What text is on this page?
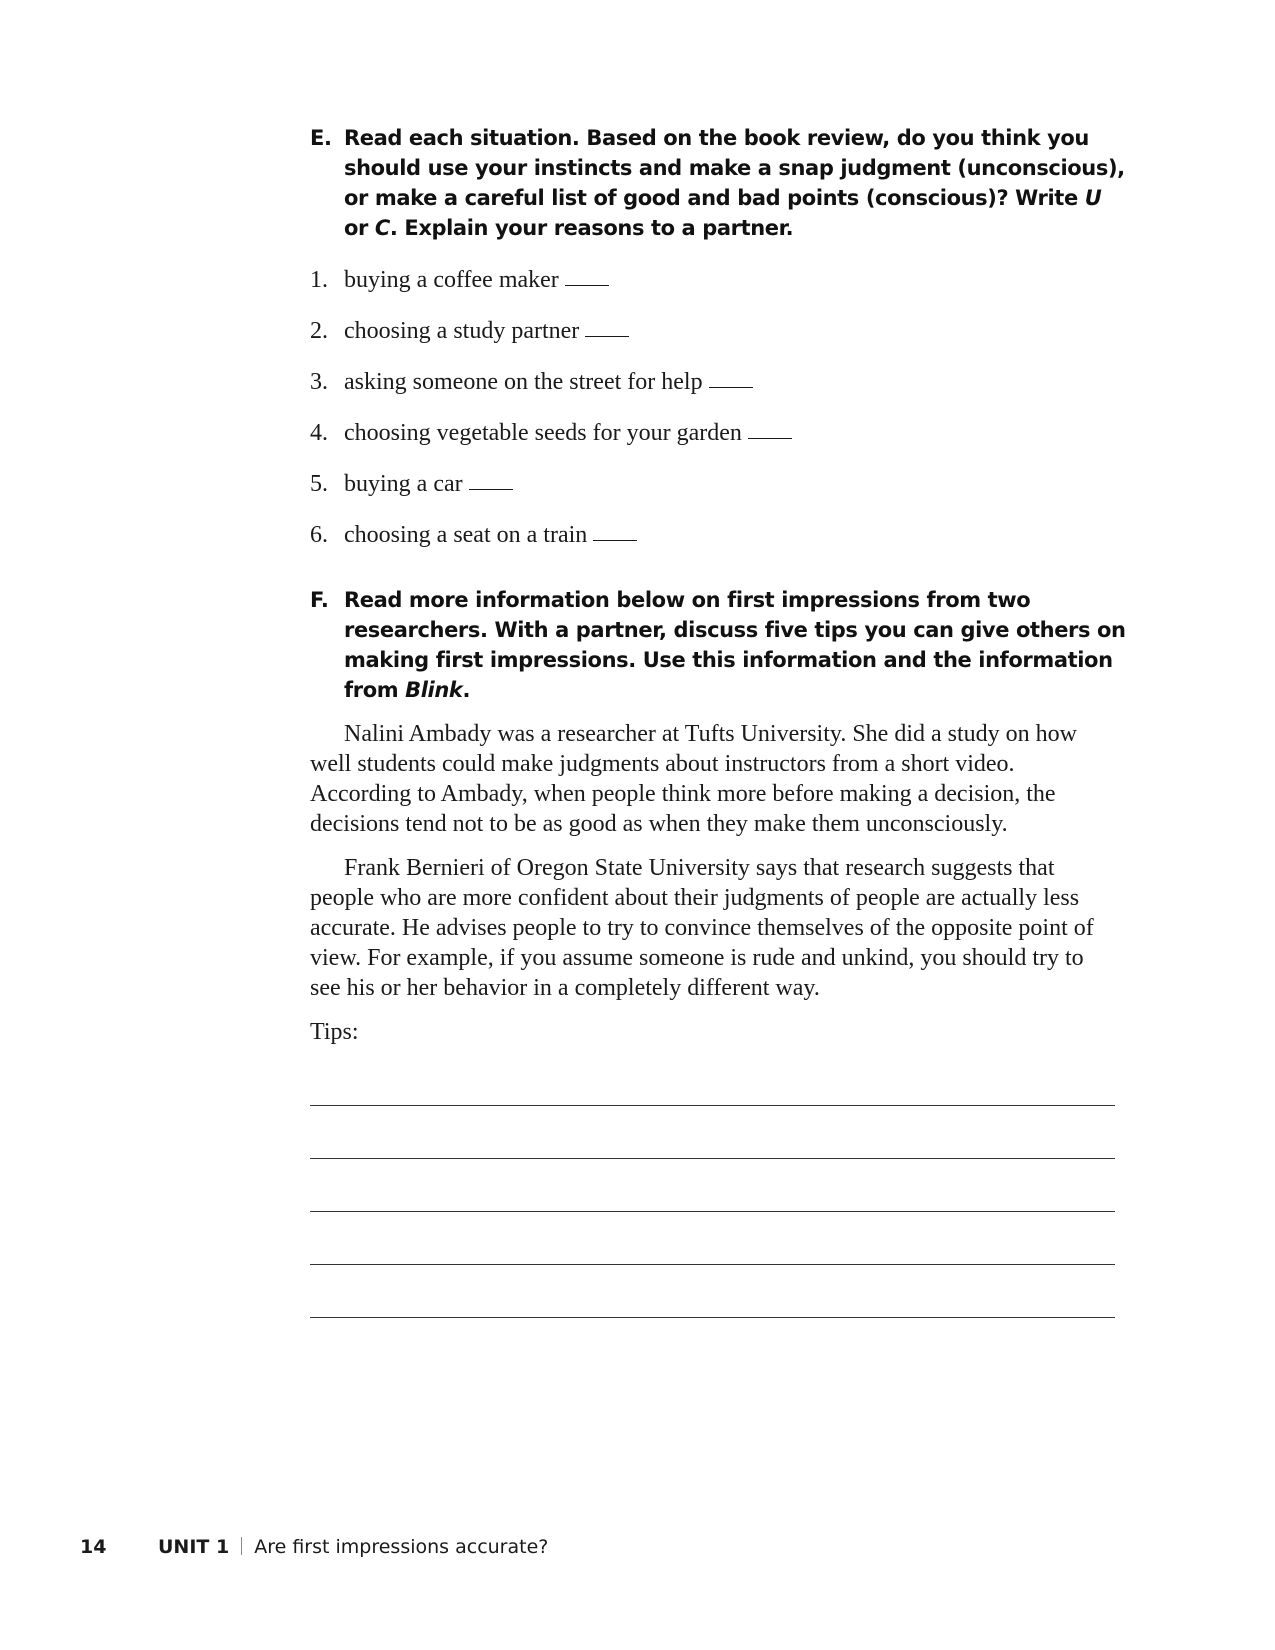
E. Read each situation. Based on the book review, do you think you should use your instincts and make a snap judgment (unconscious), or make a careful list of good and bad points (conscious)? Write U or C. Explain your reasons to a partner.
1. buying a coffee maker
2. choosing a study partner
3. asking someone on the street for help
4. choosing vegetable seeds for your garden
5. buying a car
6. choosing a seat on a train
F. Read more information below on first impressions from two researchers. With a partner, discuss five tips you can give others on making first impressions. Use this information and the information from Blink.

Nalini Ambady was a researcher at Tufts University. She did a study on how well students could make judgments about instructors from a short video. According to Ambady, when people think more before making a decision, the decisions tend not to be as good as when they make them unconsciously.

Frank Bernieri of Oregon State University says that research suggests that people who are more confident about their judgments of people are actually less accurate. He advises people to try to convince themselves of the opposite point of view. For example, if you assume someone is rude and unkind, you should try to see his or her behavior in a completely different way.

Tips:

14	UNIT 1 Are first impressions accurate?
